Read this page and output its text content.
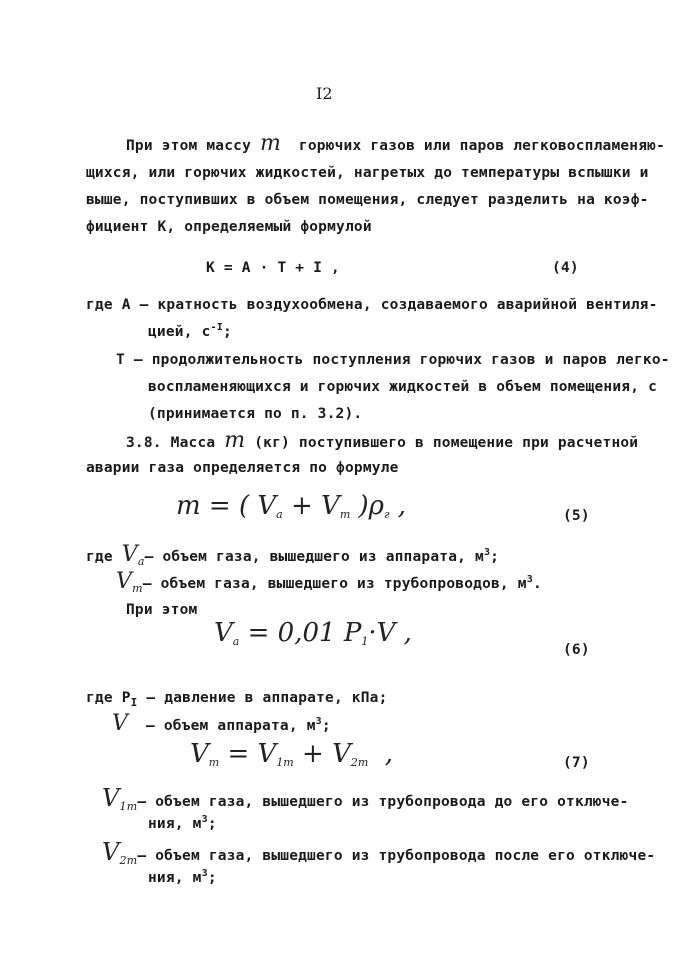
I2
При этом массу m горючих газов или паров легковоспламеняю-
щихся, или горючих жидкостей, нагретых до температуры вспышки и
выше, поступивших в объем помещения, следует разделить на коэф-
фициент К, определяемый формулой
К = А · Т + I ,	(4)
где А – кратность воздухообмена, создаваемого аварийной вентиля-
цией, $с^{-I}$;
Т – продолжительность поступления горючих газов и паров легко-
воспламеняющихся и горючих жидкостей в объем помещения, с
(принимается по п. 3.2).
3.8. Масса m (кг) поступившего в помещение при расчетной
аварии газа определяется по формуле
m = ( $V_a + V_т$ )$\rho_г$ ,	(5)
где $V_a-$ объем газа, вышедшего из аппарата, $м^3$;
$V_т-$ объем газа, вышедшего из трубопроводов, $м^3$.
При этом
$V_a = 0,01$ $P_1\cdot V$ ,
(6)
где $Р_I$ – давление в аппарате, кПа;
V – объем аппарата, $м^3$;
$V_т = V_{1т} + V_{2т}$  ,	(7)
$V_{1т}-$ объем газа, вышедшего из трубопровода до его отключе-
ния, $м^3$;
$V_{2т}-$ объем газа, вышедшего из трубопровода после его отключе-
ния, $м^3$;
